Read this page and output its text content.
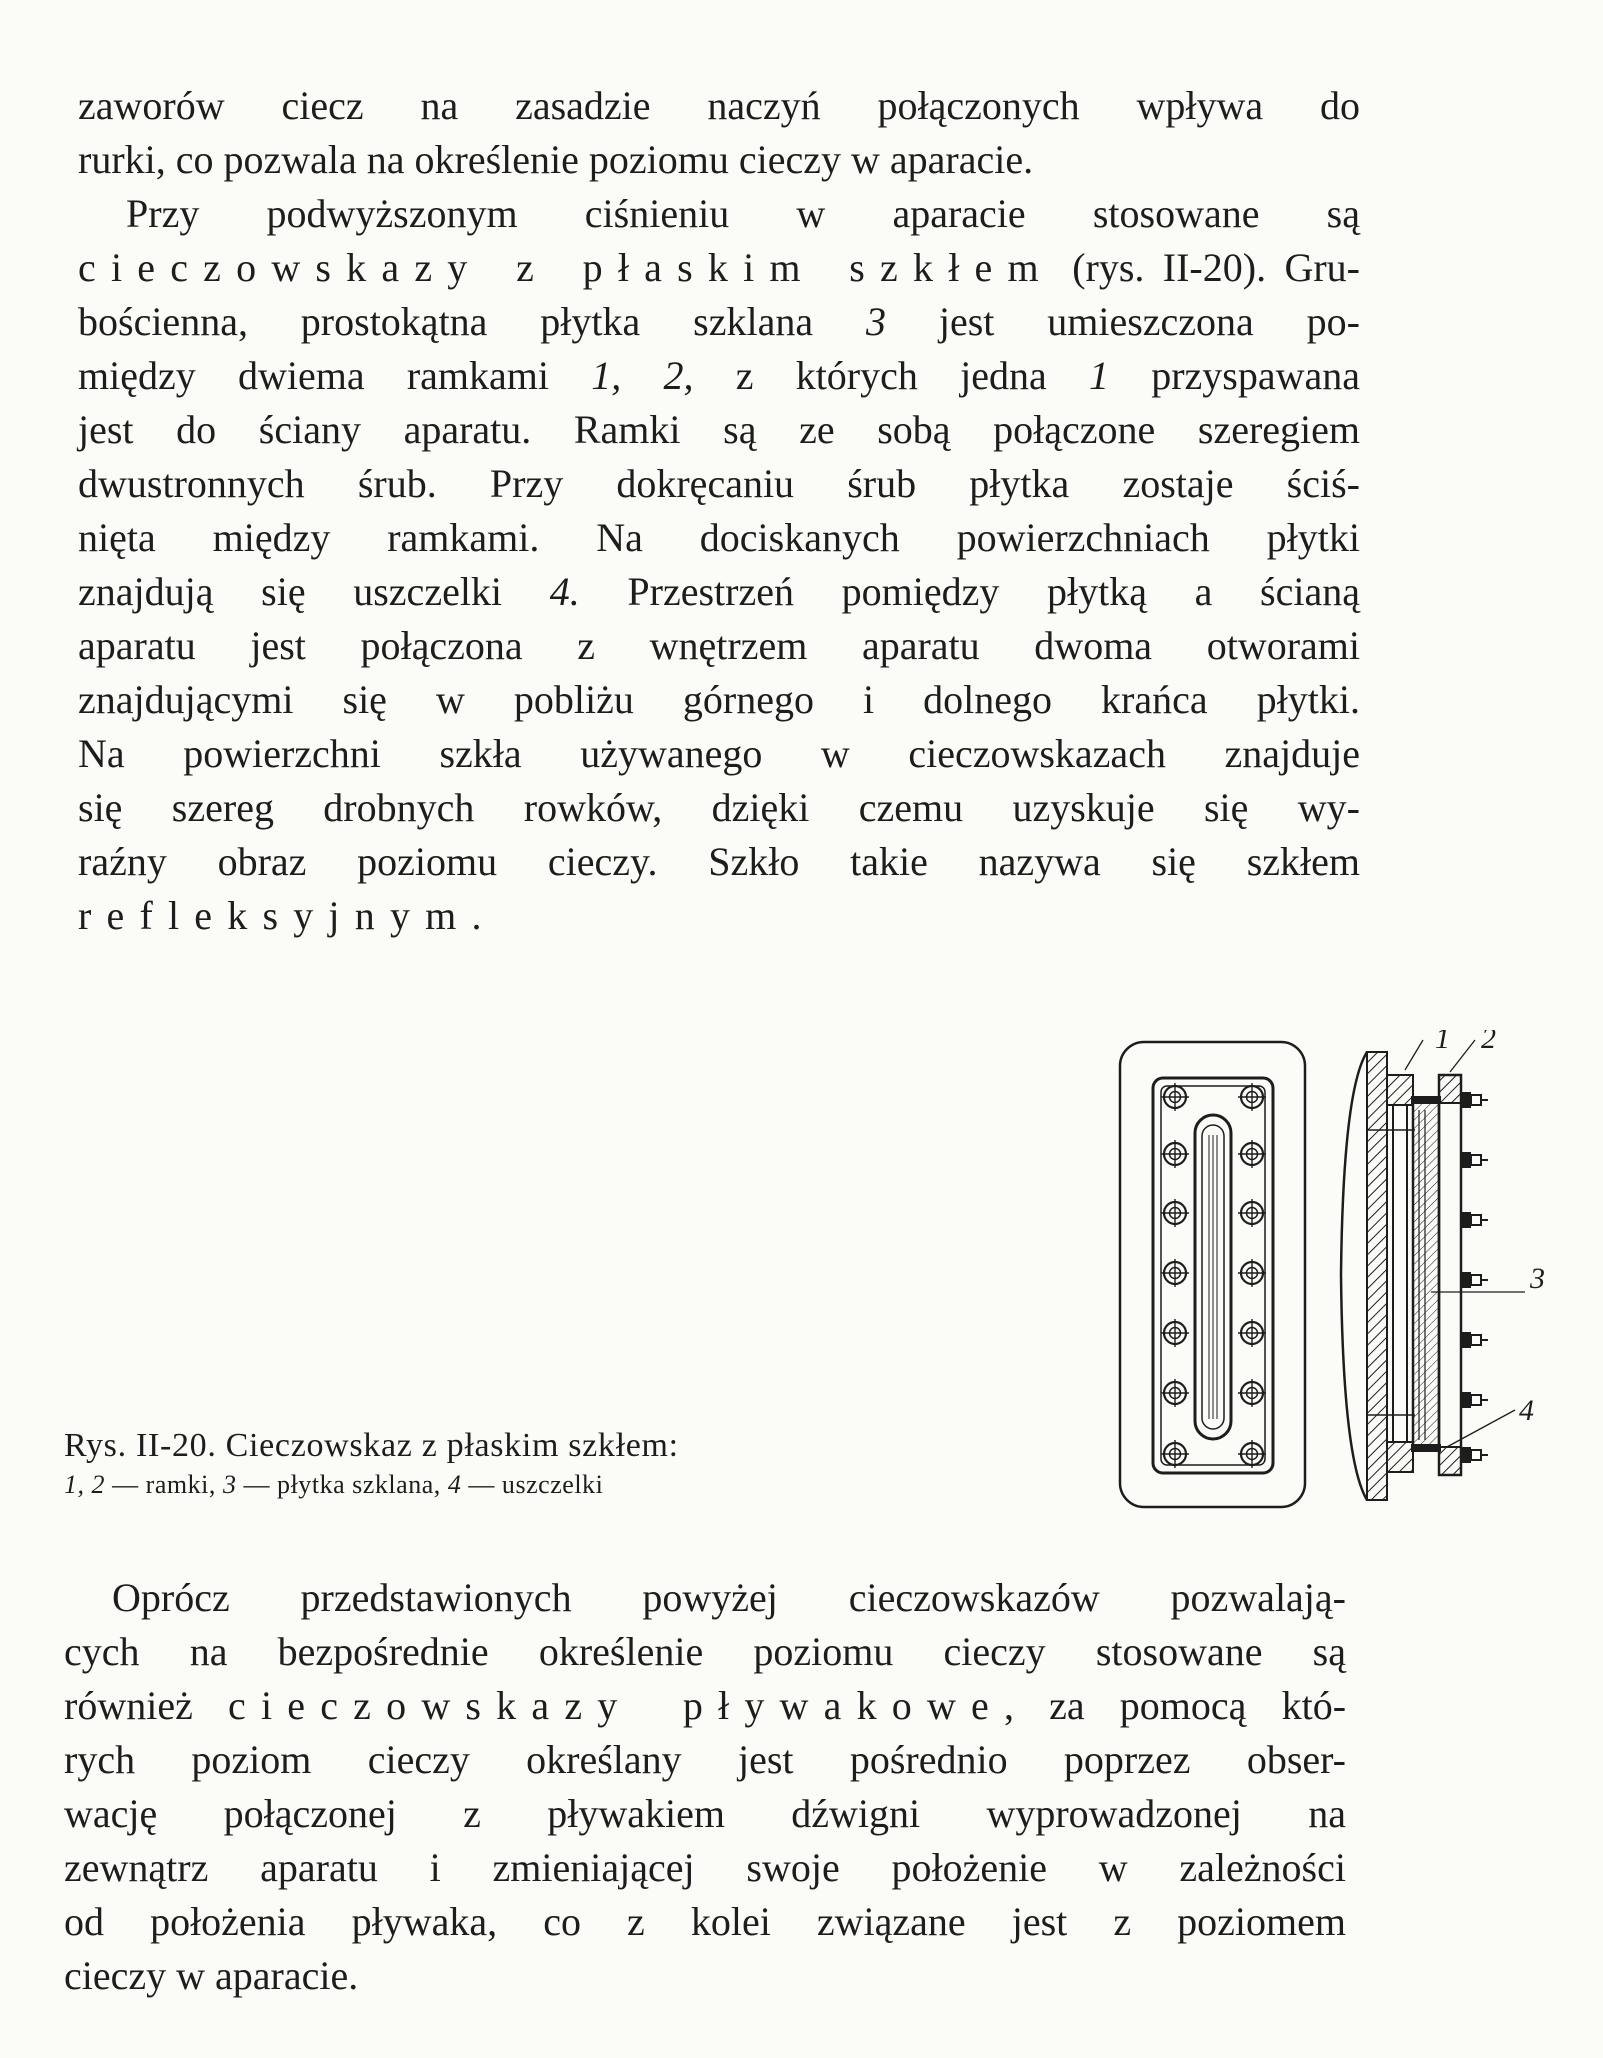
zaworów ciecz na zasadzie naczyń połączonych wpływa do
rurki, co pozwala na określenie poziomu cieczy w aparacie.
Przy podwyższonym ciśnieniu w aparacie stosowane są
cieczowskazy z płaskim szkłem (rys. II-20). Gru-
bościenna, prostokątna płytka szklana 3 jest umieszczona po-
między dwiema ramkami 1, 2, z których jedna 1 przyspawana
jest do ściany aparatu. Ramki są ze sobą połączone szeregiem
dwustronnych śrub. Przy dokręcaniu śrub płytka zostaje ściś-
nięta między ramkami. Na dociskanych powierzchniach płytki
znajdują się uszczelki 4. Przestrzeń pomiędzy płytką a ścianą
aparatu jest połączona z wnętrzem aparatu dwoma otworami
znajdującymi się w pobliżu górnego i dolnego krańca płytki.
Na powierzchni szkła używanego w cieczowskazach znajduje
się szereg drobnych rowków, dzięki czemu uzyskuje się wy-
raźny obraz poziomu cieczy. Szkło takie nazywa się szkłem
refleksyjnym.
Rys. II-20. Cieczowskaz z płaskim szkłem:
1, 2 — ramki, 3 — płytka szklana, 4 — uszczelki
1 2
3
4
Oprócz przedstawionych powyżej cieczowskazów pozwalają-
cych na bezpośrednie określenie poziomu cieczy stosowane są
również cieczowskazy pływakowe, za pomocą któ-
rych poziom cieczy określany jest pośrednio poprzez obser-
wację połączonej z pływakiem dźwigni wyprowadzonej na
zewnątrz aparatu i zmieniającej swoje położenie w zależności
od położenia pływaka, co z kolei związane jest z poziomem
cieczy w aparacie.
